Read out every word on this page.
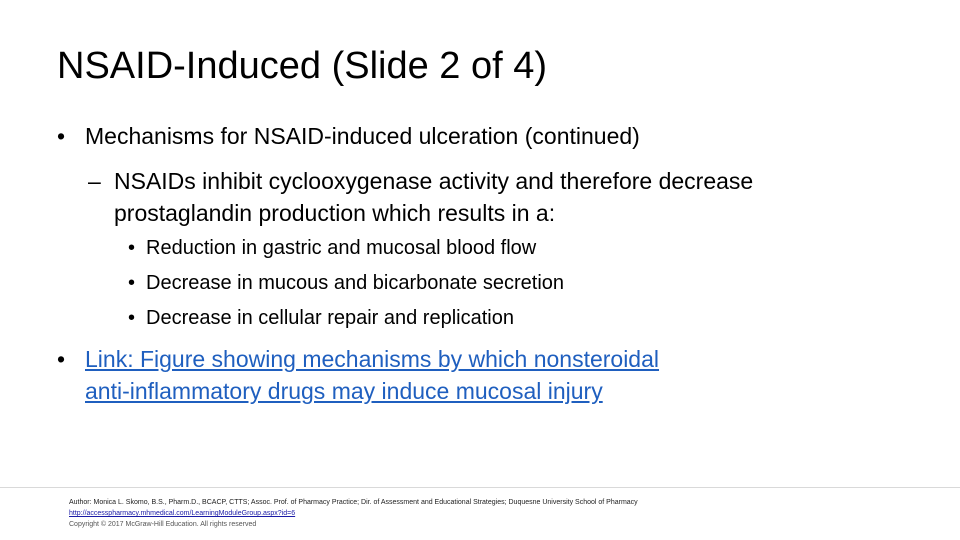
NSAID-Induced (Slide 2 of 4)
• Mechanisms for NSAID-induced ulceration (continued)
– NSAIDs inhibit cyclooxygenase activity and therefore decrease
prostaglandin production which results in a:
• Reduction in gastric and mucosal blood flow
• Decrease in mucous and bicarbonate secretion
• Decrease in cellular repair and replication
• Link: Figure showing mechanisms by which nonsteroidal
anti-inflammatory drugs may induce mucosal injury
Author: Monica L. Skomo, B.S., Pharm.D., BCACP, CTTS; Assoc. Prof. of Pharmacy Practice; Dir. of Assessment and Educational Strategies; Duquesne University School of Pharmacy
http://accesspharmacy.mhmedical.com/LearningModuleGroup.aspx?id=6
Copyright © 2017 McGraw-Hill Education. All rights reserved
